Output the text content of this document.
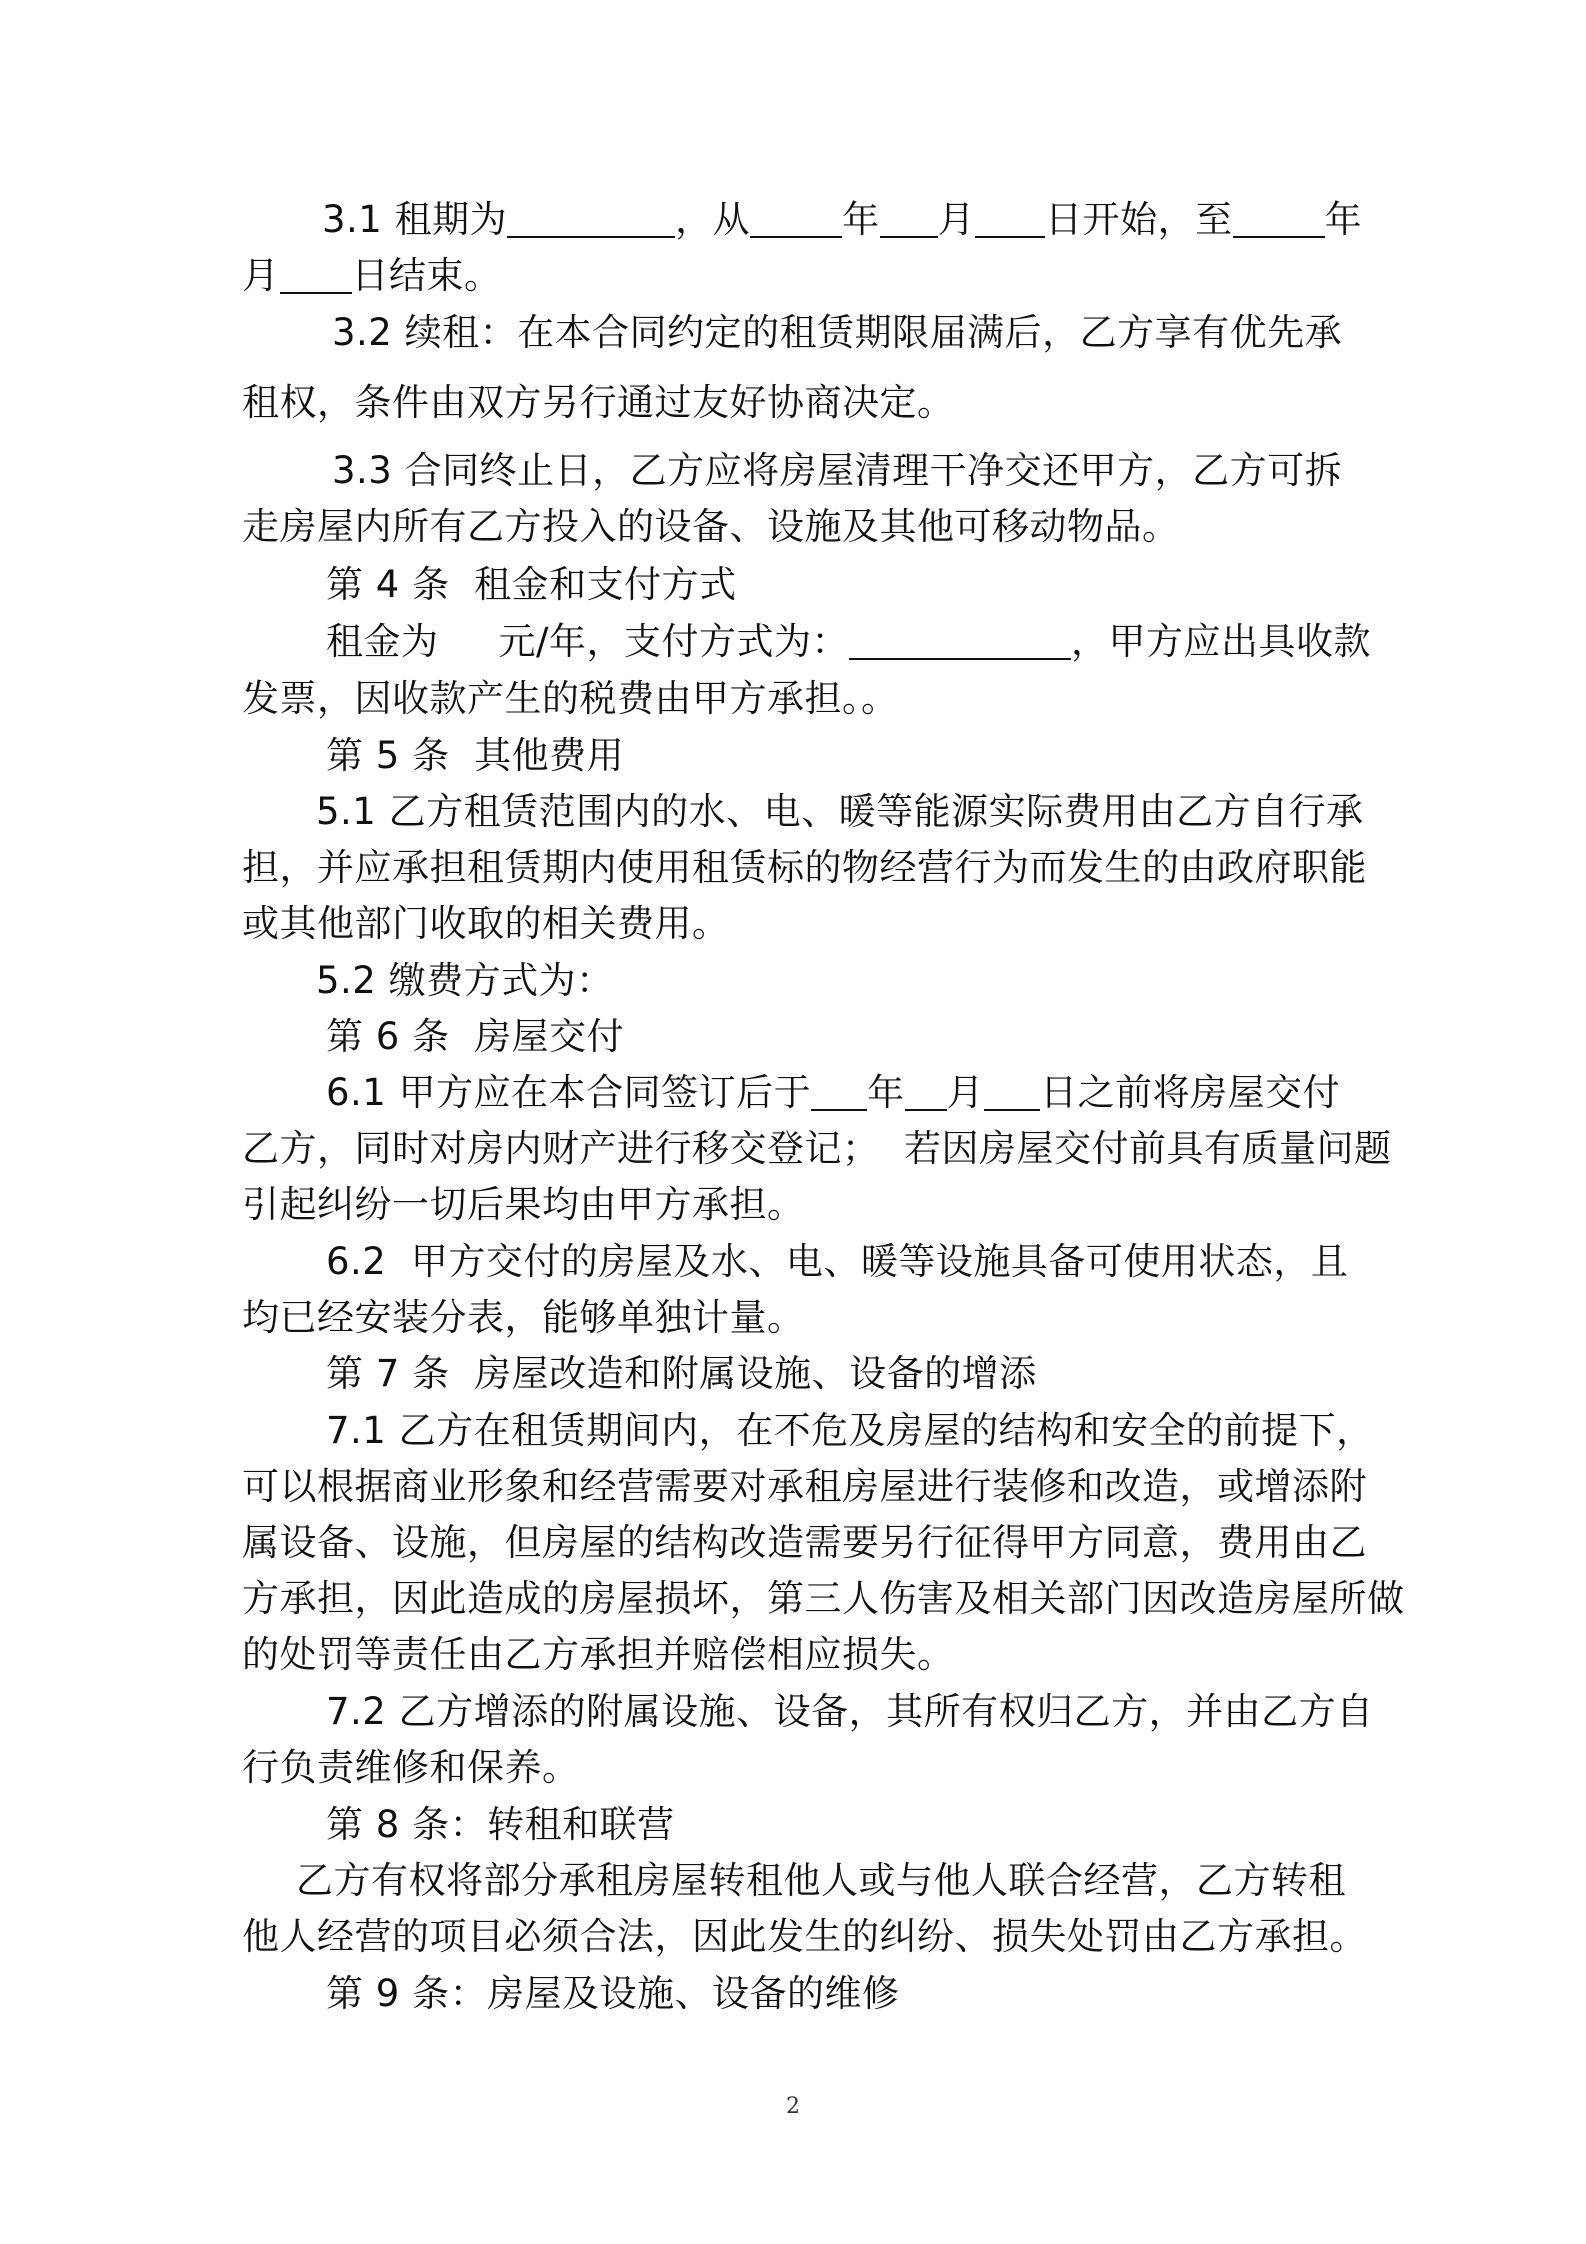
3.1 租期为	，从 年 月 日开始，至 年
月 日结束。
3.2 续租：在本合同约定的租赁期限届满后，乙方享有优先承
租权，条件由双方另行通过友好协商决定。
3.3 合同终止日，乙方应将房屋清理干净交还甲方，乙方可拆
走房屋内所有乙方投入的设备、设施及其他可移动物品。
第 4 条  租金和支付方式
租金为 元/年，支付方式为：	，甲方应出具收款
发票，因收款产生的税费由甲方承担。。
第 5 条  其他费用
5.1 乙方租赁范围内的水、电、暖等能源实际费用由乙方自行承
担，并应承担租赁期内使用租赁标的物经营行为而发生的由政府职能
或其他部门收取的相关费用。
5.2 缴费方式为：
第 6 条  房屋交付
6.1 甲方应在本合同签订后于 年 月 日之前将房屋交付
乙方，同时对房内财产进行移交登记；  若因房屋交付前具有质量问题
引起纠纷一切后果均由甲方承担。
6.2  甲方交付的房屋及水、电、暖等设施具备可使用状态，且
均已经安装分表，能够单独计量。
第 7 条  房屋改造和附属设施、设备的增添
7.1 乙方在租赁期间内，在不危及房屋的结构和安全的前提下，
可以根据商业形象和经营需要对承租房屋进行装修和改造，或增添附
属设备、设施，但房屋的结构改造需要另行征得甲方同意，费用由乙
方承担，因此造成的房屋损坏，第三人伤害及相关部门因改造房屋所做
的处罚等责任由乙方承担并赔偿相应损失。
7.2 乙方增添的附属设施、设备，其所有权归乙方，并由乙方自
行负责维修和保养。
第 8 条：转租和联营
乙方有权将部分承租房屋转租他人或与他人联合经营，乙方转租
他人经营的项目必须合法，因此发生的纠纷、损失处罚由乙方承担。
第 9 条：房屋及设施、设备的维修
2
